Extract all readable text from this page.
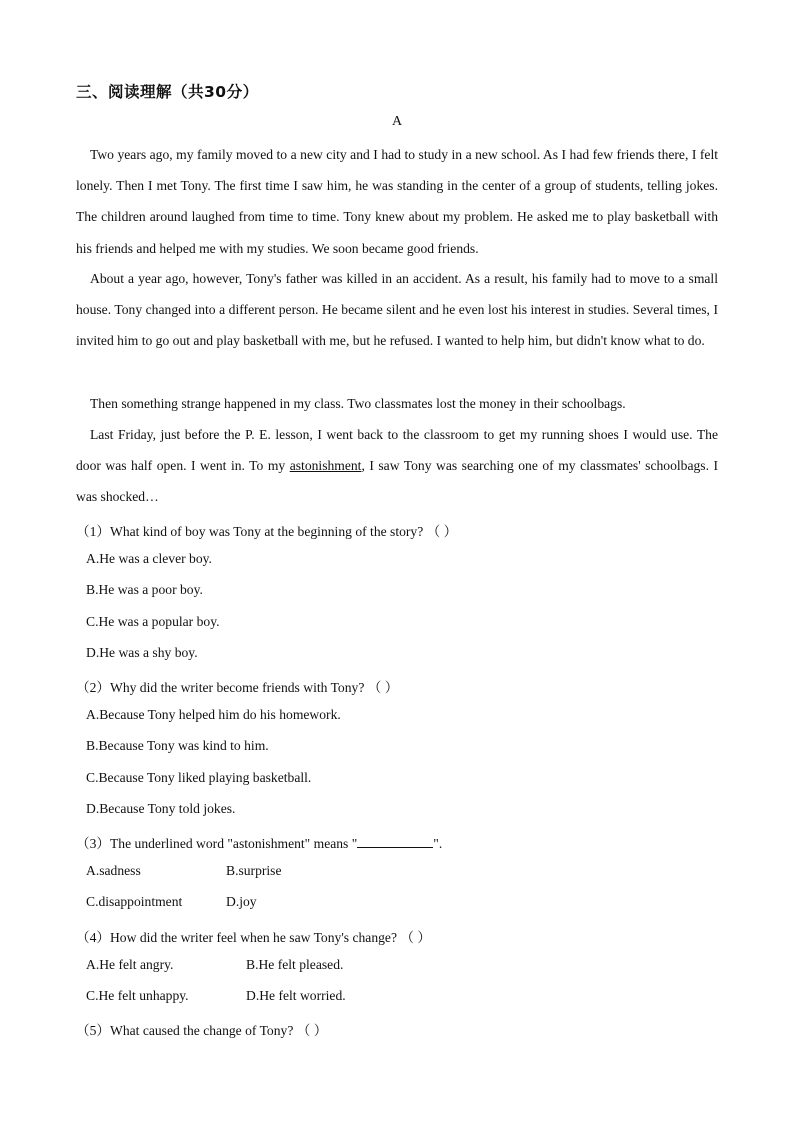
三、阅读理解（共30分）
A
Two years ago, my family moved to a new city and I had to study in a new school. As I had few friends there, I felt lonely. Then I met Tony. The first time I saw him, he was standing in the center of a group of students, telling jokes. The children around laughed from time to time. Tony knew about my problem. He asked me to play basketball with his friends and helped me with my studies. We soon became good friends.
About a year ago, however, Tony's father was killed in an accident. As a result, his family had to move to a small house. Tony changed into a different person. He became silent and he even lost his interest in studies. Several times, I invited him to go out and play basketball with me, but he refused. I wanted to help him, but didn't know what to do.
Then something strange happened in my class. Two classmates lost the money in their schoolbags.
Last Friday, just before the P. E. lesson, I went back to the classroom to get my running shoes I would use. The door was half open. I went in. To my astonishment, I saw Tony was searching one of my classmates' schoolbags. I was shocked…
（1）What kind of boy was Tony at the beginning of the story? （ ）
A.He was a clever boy.
B.He was a poor boy.
C.He was a popular boy.
D.He was a shy boy.
（2）Why did the writer become friends with Tony? （ ）
A.Because Tony helped him do his homework.
B.Because Tony was kind to him.
C.Because Tony liked playing basketball.
D.Because Tony told jokes.
（3）The underlined word "astonishment" means "	".
A.sadness	B.surprise
C.disappointment	D.joy
（4）How did the writer feel when he saw Tony's change? （ ）
A.He felt angry.	B.He felt pleased.
C.He felt unhappy.	D.He felt worried.
（5）What caused the change of Tony? （ ）
